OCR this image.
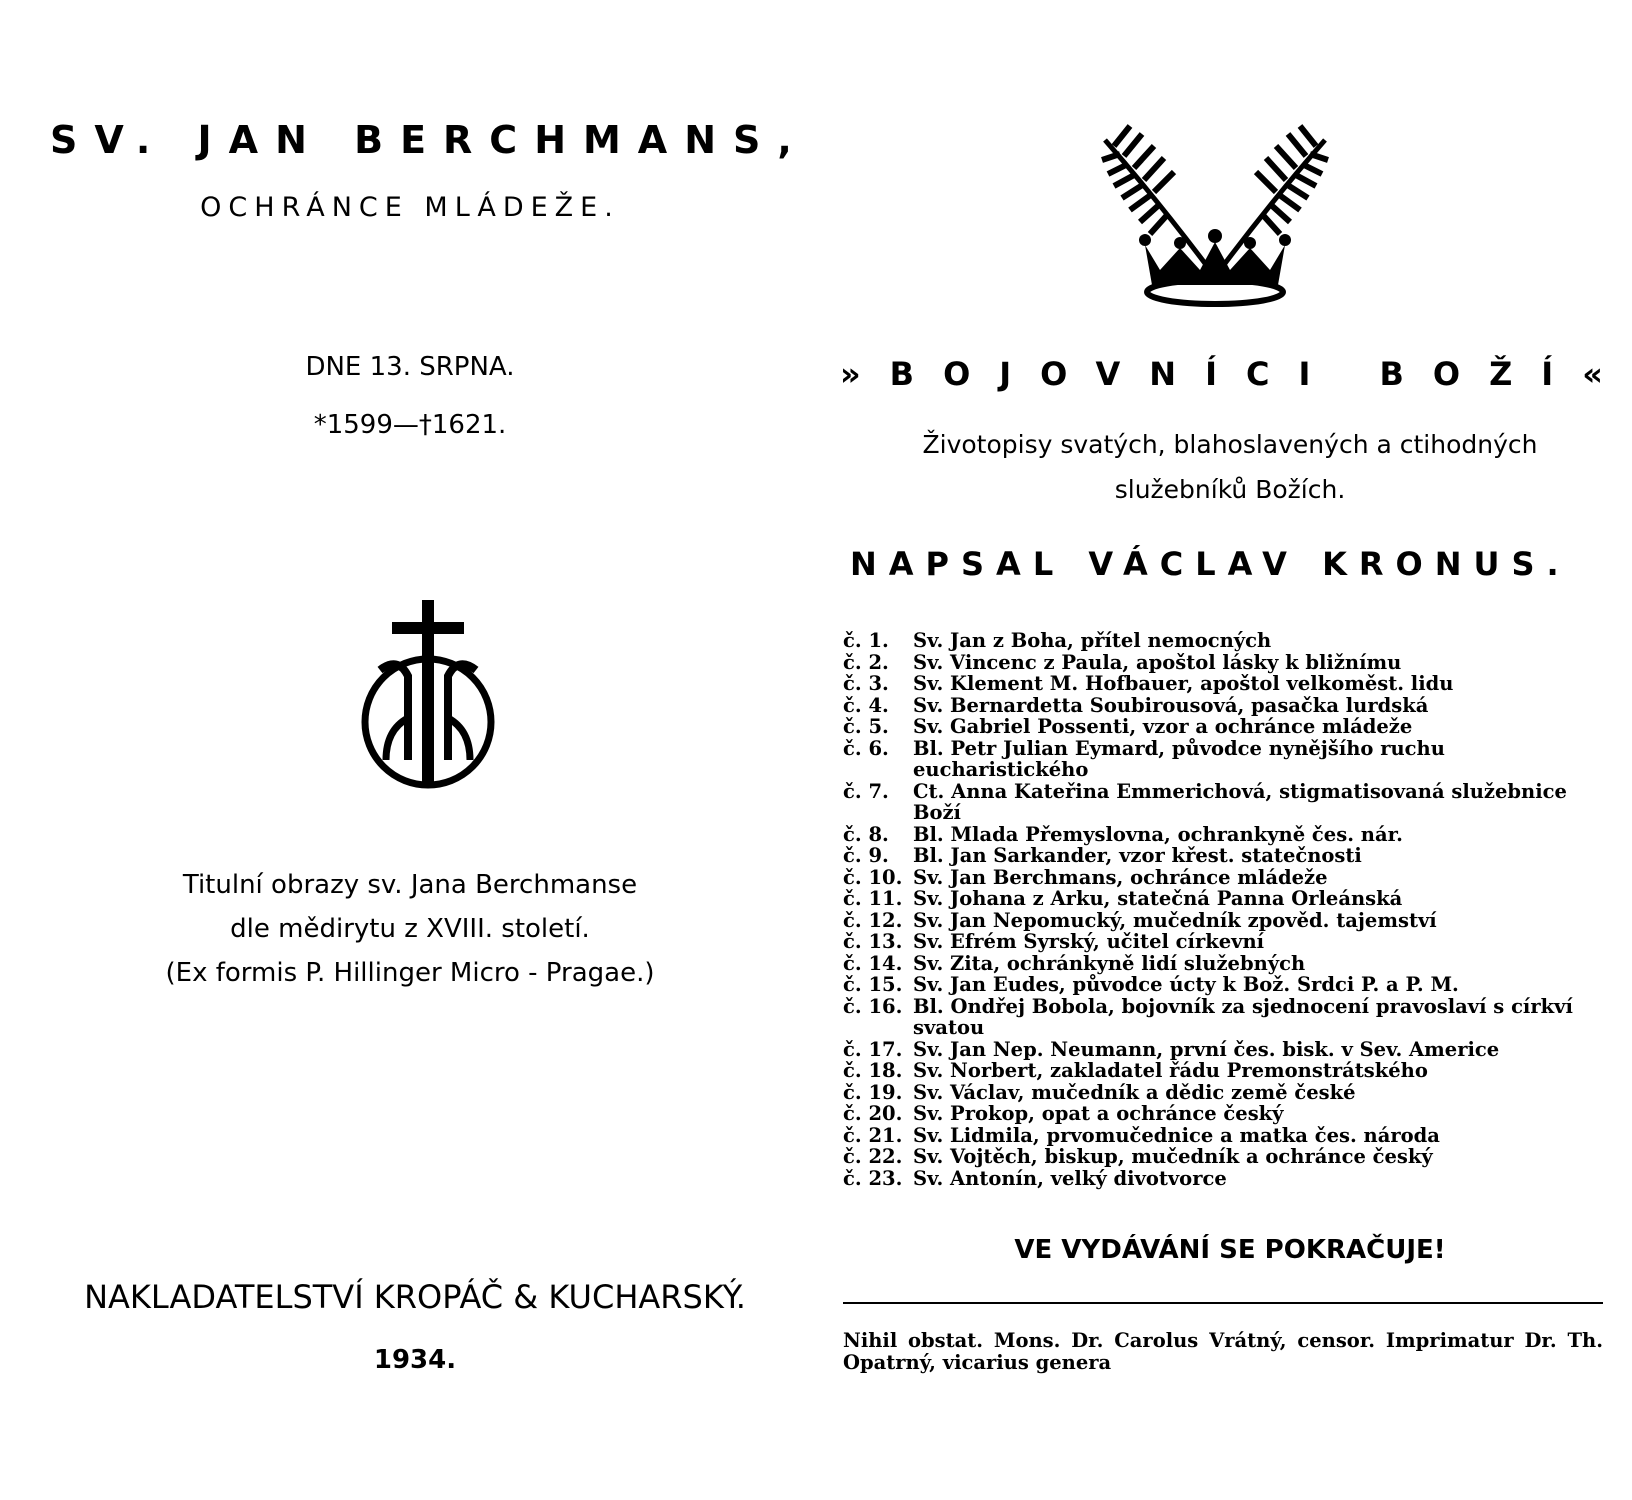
SV. JAN BERCHMANS,
OCHRÁNCE MLÁDEŽE.
DNE 13. SRPNA.
*1599—†1621.
Titulní obrazy sv. Jana Berchmanse
dle mědirytu z XVIII. století.
(Ex formis P. Hillinger Micro - Pragae.)
NAKLADATELSTVÍ KROPÁČ & KUCHARSKÝ.
1934.
»BOJOVNÍCI BOŽÍ«
Životopisy svatých, blahoslavených a ctihodných
služebníků Božích.
NAPSAL VÁCLAV KRONUS.
č. 1.	Sv. Jan z Boha, přítel nemocných
č. 2.	Sv. Vincenc z Paula, apoštol lásky k bližnímu
č. 3.	Sv. Klement M. Hofbauer, apoštol velkoměst. lidu
č. 4.	Sv. Bernardetta Soubirousová, pasačka lurdská
č. 5.	Sv. Gabriel Possenti, vzor a ochránce mládeže
č. 6.	Bl. Petr Julian Eymard, původce nynějšího ruchu eucharistického
č. 7.	Ct. Anna Kateřina Emmerichová, stigmatisovaná služebnice Boží
č. 8.	Bl. Mlada Přemyslovna, ochrankyně čes. nár.
č. 9.	Bl. Jan Sarkander, vzor křest. statečnosti
č. 10. Sv. Jan Berchmans, ochránce mládeže
č. 11. Sv. Johana z Arku, statečná Panna Orleánská
č. 12. Sv. Jan Nepomucký, mučedník zpověd. tajemství
č. 13. Sv. Efrém Syrský, učitel církevní
č. 14. Sv. Zita, ochránkyně lidí služebných
č. 15. Sv. Jan Eudes, původce úcty k Bož. Srdci P. a P. M.
č. 16. Bl. Ondřej Bobola, bojovník za sjednocení pravoslaví s církví svatou
č. 17. Sv. Jan Nep. Neumann, první čes. bisk. v Sev. Americe
č. 18. Sv. Norbert, zakladatel řádu Premonstrátského
č. 19. Sv. Václav, mučedník a dědic země české
č. 20. Sv. Prokop, opat a ochránce český
č. 21. Sv. Lidmila, prvomučednice a matka čes. národa
č. 22. Sv. Vojtěch, biskup, mučedník a ochránce český
č. 23. Sv. Antonín, velký divotvorce
VE VYDÁVÁNÍ SE POKRAČUJE!
Nihil obstat. Mons. Dr. Carolus Vrátný, censor. Imprimatur Dr. Th. Opatrný, vicarius genera
